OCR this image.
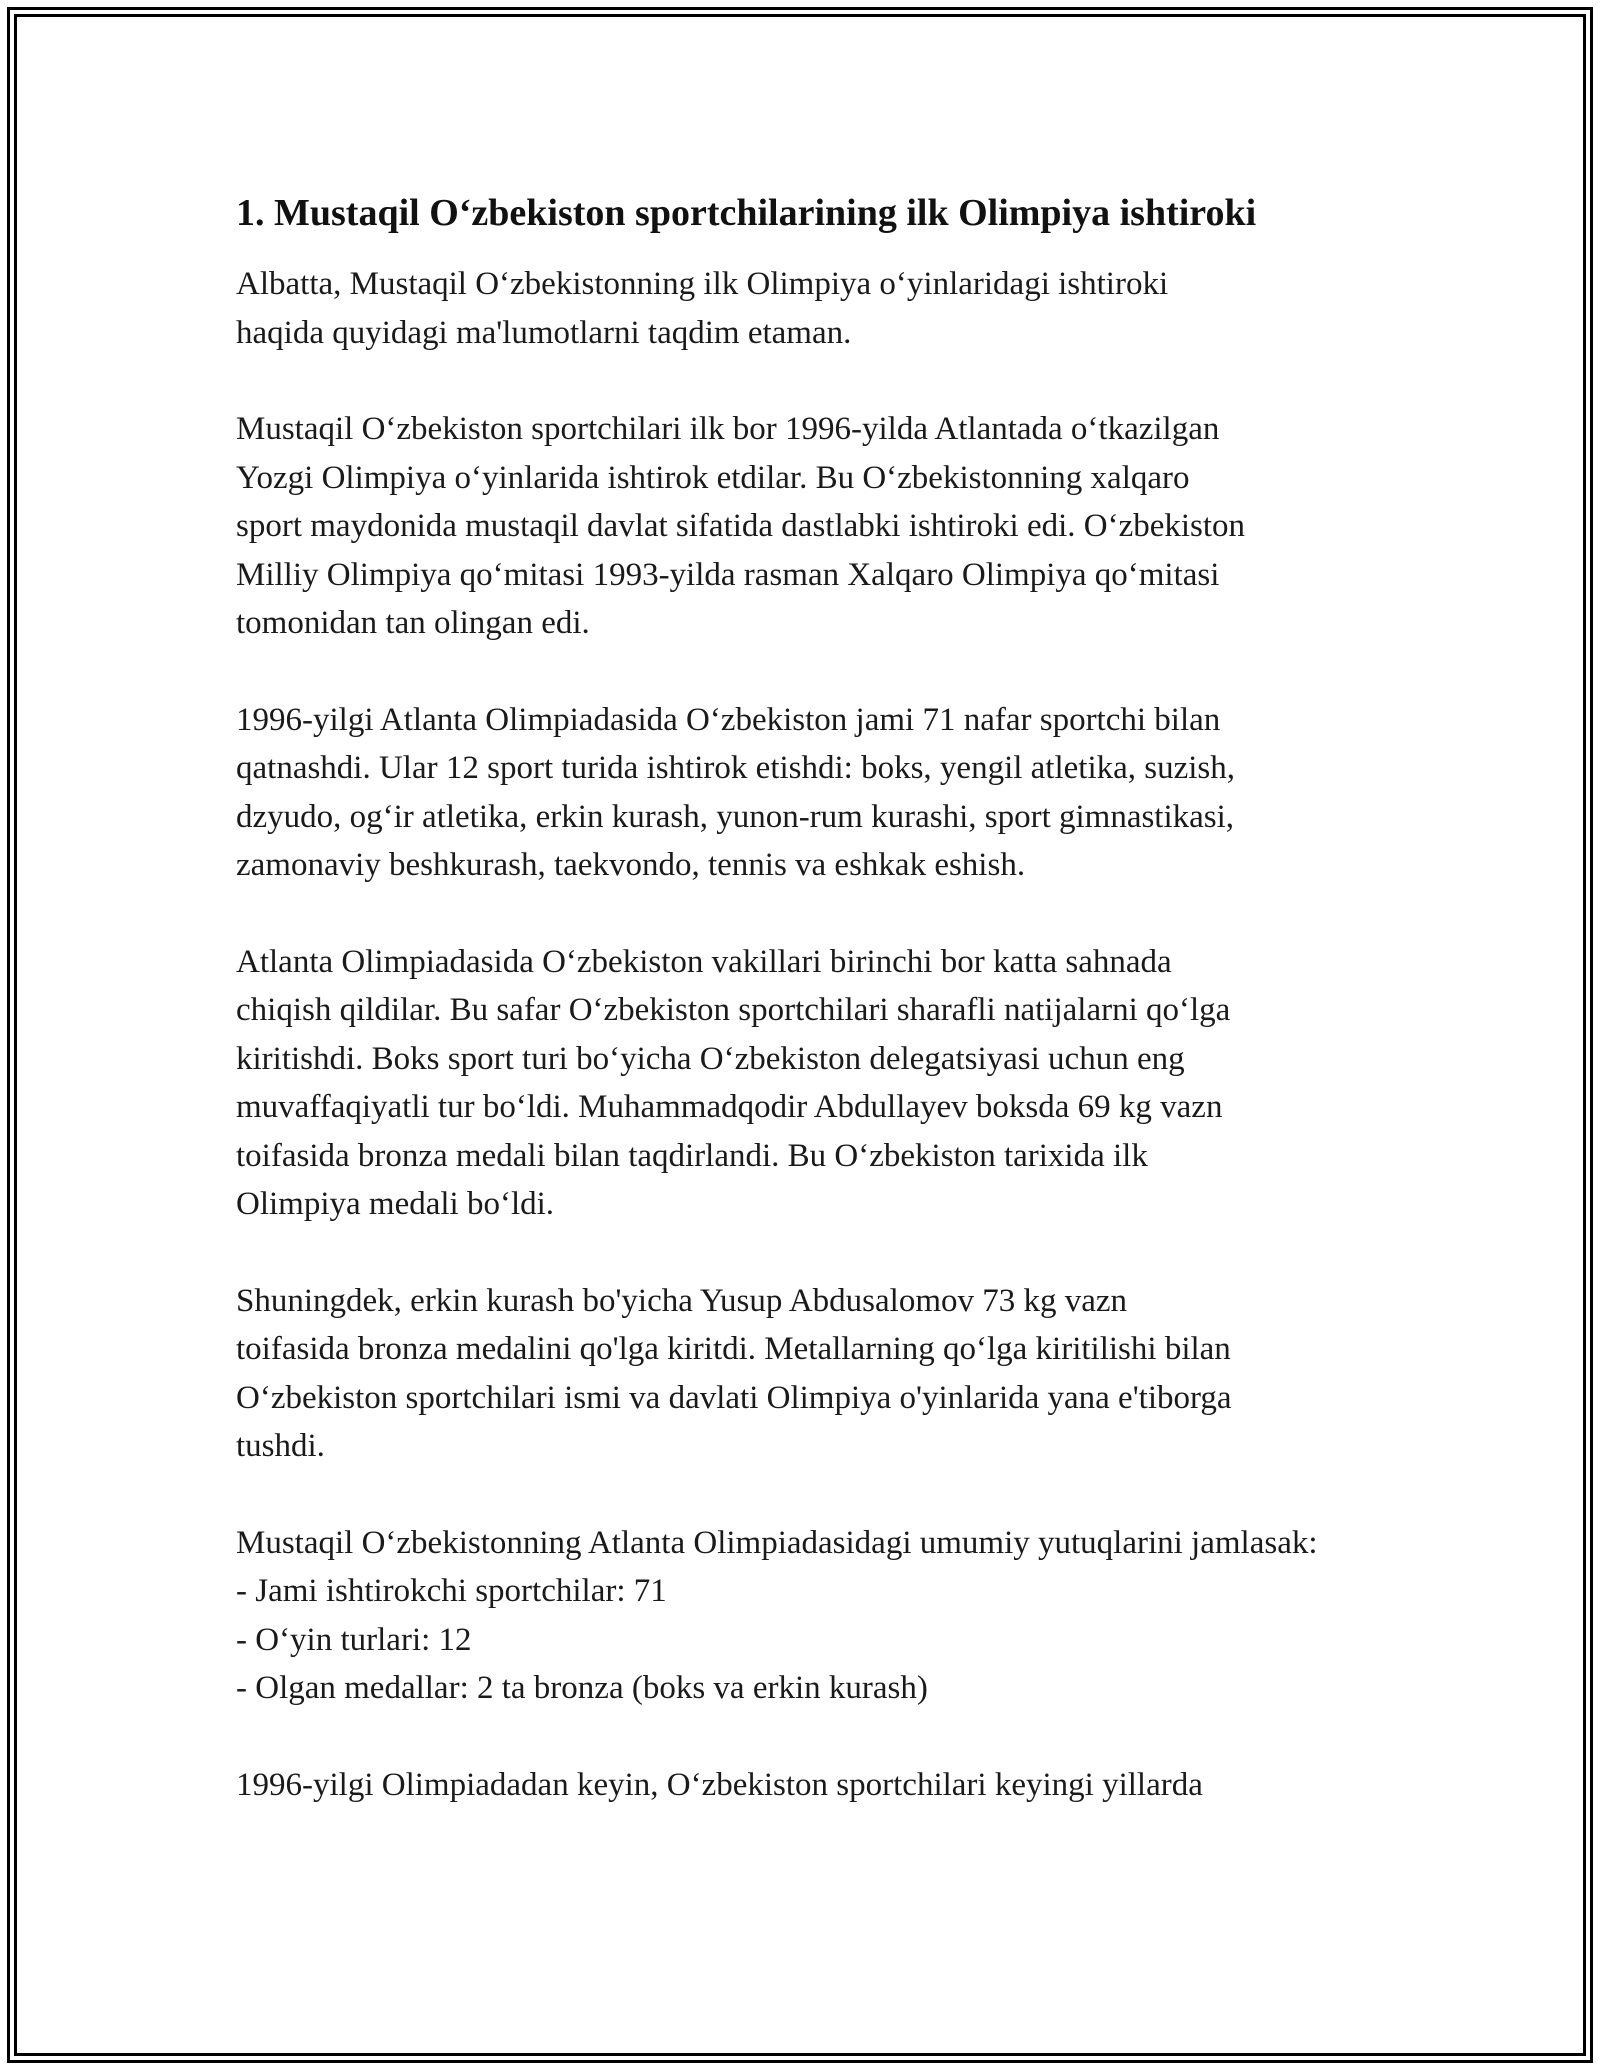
1. Mustaqil O‘zbekiston sportchilarining ilk Olimpiya ishtiroki

Albatta, Mustaqil O‘zbekistonning ilk Olimpiya o‘yinlaridagi ishtiroki
haqida quyidagi ma'lumotlarni taqdim etaman.

Mustaqil O‘zbekiston sportchilari ilk bor 1996-yilda Atlantada o‘tkazilgan
Yozgi Olimpiya o‘yinlarida ishtirok etdilar. Bu O‘zbekistonning xalqaro
sport maydonida mustaqil davlat sifatida dastlabki ishtiroki edi. O‘zbekiston
Milliy Olimpiya qo‘mitasi 1993-yilda rasman Xalqaro Olimpiya qo‘mitasi
tomonidan tan olingan edi.

1996-yilgi Atlanta Olimpiadasida O‘zbekiston jami 71 nafar sportchi bilan
qatnashdi. Ular 12 sport turida ishtirok etishdi: boks, yengil atletika, suzish,
dzyudo, og‘ir atletika, erkin kurash, yunon-rum kurashi, sport gimnastikasi,
zamonaviy beshkurash, taekvondo, tennis va eshkak eshish.

Atlanta Olimpiadasida O‘zbekiston vakillari birinchi bor katta sahnada
chiqish qildilar. Bu safar O‘zbekiston sportchilari sharafli natijalarni qo‘lga
kiritishdi. Boks sport turi bo‘yicha O‘zbekiston delegatsiyasi uchun eng
muvaffaqiyatli tur bo‘ldi. Muhammadqodir Abdullayev boksda 69 kg vazn
toifasida bronza medali bilan taqdirlandi. Bu O‘zbekiston tarixida ilk
Olimpiya medali bo‘ldi.

Shuningdek, erkin kurash bo'yicha Yusup Abdusalomov 73 kg vazn
toifasida bronza medalini qo'lga kiritdi. Metallarning qo‘lga kiritilishi bilan
O‘zbekiston sportchilari ismi va davlati Olimpiya o'yinlarida yana e'tiborga
tushdi.

Mustaqil O‘zbekistonning Atlanta Olimpiadasidagi umumiy yutuqlarini jamlasak:

- Jami ishtirokchi sportchilar: 71
- O‘yin turlari: 12
- Olgan medallar: 2 ta bronza (boks va erkin kurash)

1996-yilgi Olimpiadadan keyin, O‘zbekiston sportchilari keyingi yillarda
